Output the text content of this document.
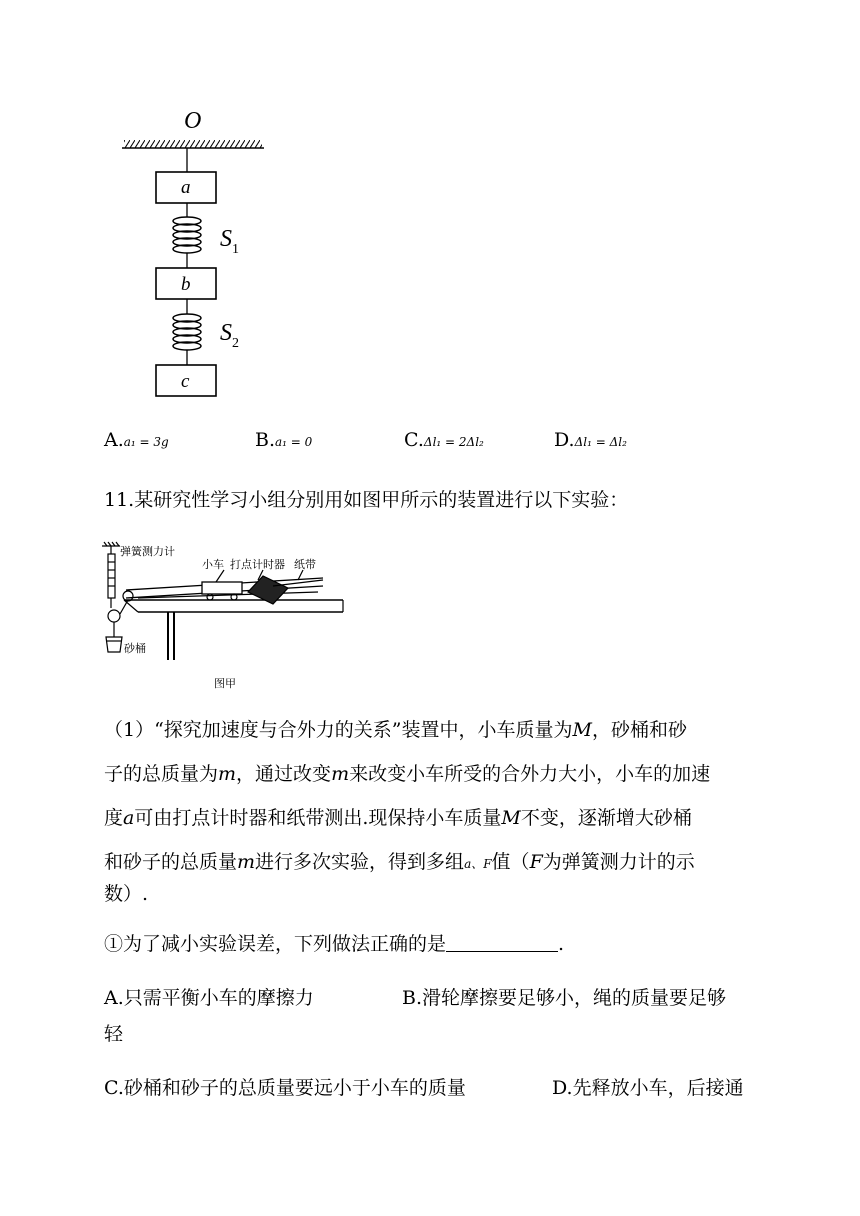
O
a
$S_1$
b
$S_2$
c
A.a₁ = 3g	B.a₁ = 0	C.Δl₁ = 2Δl₂	D.Δl₁ = Δl₂
11.某研究性学习小组分别用如图甲所示的装置进行以下实验：
弹簧测力计
小车 打点计时器 纸带
砂桶
图甲
（1）“探究加速度与合外力的关系”装置中，小车质量为M，砂桶和砂
子的总质量为m，通过改变m来改变小车所受的合外力大小，小车的加速
度a可由打点计时器和纸带测出.现保持小车质量M不变，逐渐增大砂桶
和砂子的总质量m进行多次实验，得到多组a、F值（F为弹簧测力计的示
数）.
①为了减小实验误差，下列做法正确的是	.
A.只需平衡小车的摩擦力	B.滑轮摩擦要足够小，绳的质量要足够
轻
C.砂桶和砂子的总质量要远小于小车的质量	D.先释放小车，后接通
